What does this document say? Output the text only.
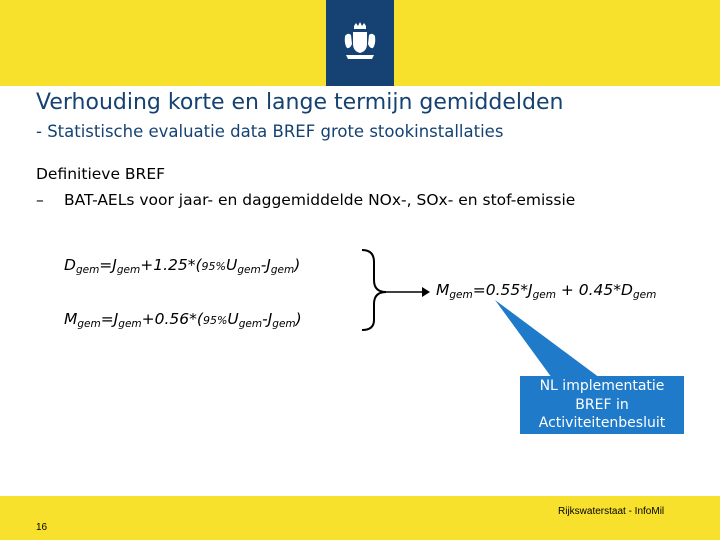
Verhouding korte en lange termijn gemiddelden
- Statistische evaluatie data BREF grote stookinstallaties
Definitieve BREF
– BAT-AELs voor jaar- en daggemiddelde NOx-, SOx- en stof-emissie
$D_{gem}=J_{gem}+1.25*(95\%U_{gem}-J_{gem})$
$M_{gem}=J_{gem}+0.56*(95\%U_{gem}-J_{gem})$
$M_{gem}=0.55*J_{gem} + 0.45*D_{gem}$
NL implementatie
BREF in
Activiteitenbesluit
Rijkswaterstaat - InfoMil
16
